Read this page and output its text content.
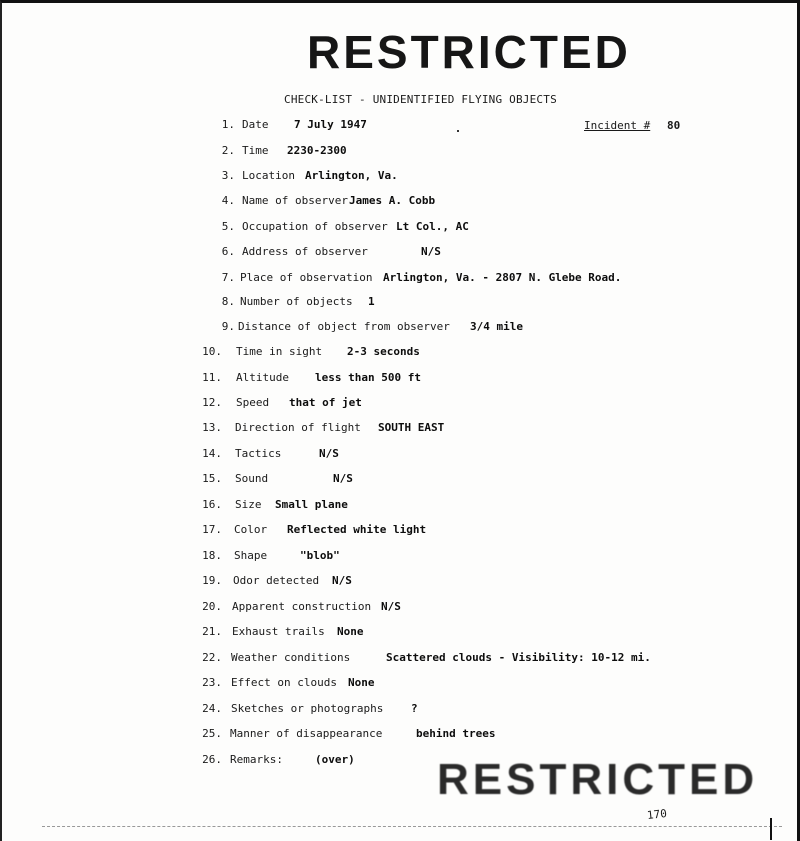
RESTRICTED
CHECK-LIST - UNIDENTIFIED FLYING OBJECTS
Incident # 80
1. Date 7 July 1947
2. Time 2230-2300
3. Location Arlington, Va.
4. Name of observer James A. Cobb
5. Occupation of observer Lt Col., AC
6. Address of observer	N/S
7. Place of observation Arlington, Va. - 2807 N. Glebe Road.
8. Number of objects 1
9. Distance of object from observer 3/4 mile
10. Time in sight 2-3 seconds
11. Altitude less than 500 ft
12. Speed that of jet
13. Direction of flight SOUTH EAST
14. Tactics	N/S
15. Sound	N/S
16. Size Small plane
17. Color Reflected white light
18. Shape	"blob"
19. Odor detected N/S
20. Apparent construction N/S
21. Exhaust trails None
22. Weather conditions	Scattered clouds - Visibility: 10-12 mi.
23. Effect on clouds None
24. Sketches or photographs	?
25. Manner of disappearance	behind trees
26. Remarks:	(over) RESTRICTED
170
